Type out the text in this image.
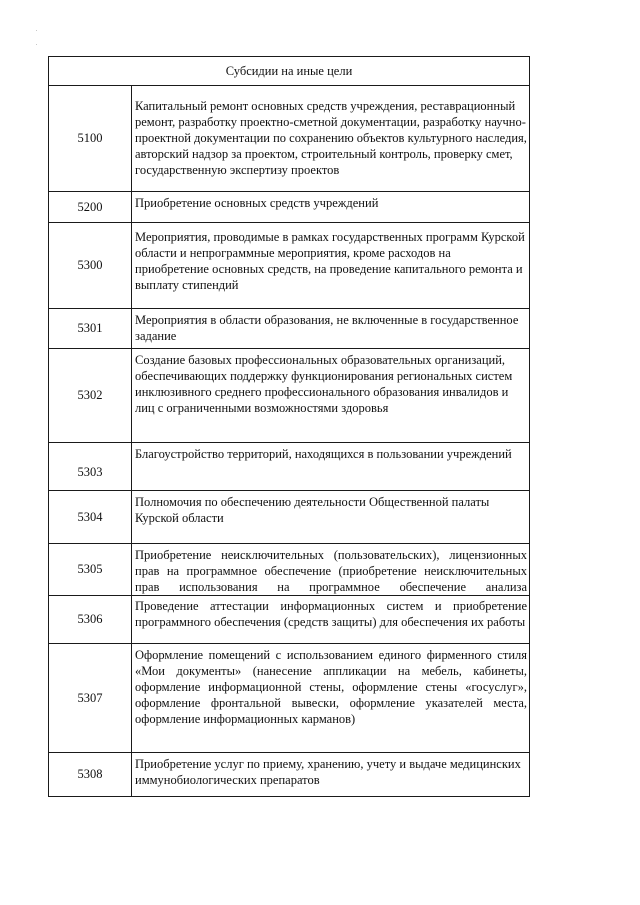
Субсидии на иные цели
5100
Капитальный ремонт основных средств учреждения, реставрационный ремонт, разработку проектно-сметной документации, разработку научно-проектной документации по сохранению объектов культурного наследия, авторский надзор за проектом, строительный контроль, проверку смет, государственную экспертизу проектов
5200	Приобретение основных средств учреждений
5300
Мероприятия, проводимые в рамках государственных программ Курской области и непрограммные мероприятия, кроме расходов на приобретение основных средств, на проведение капитального ремонта и выплату стипендий
5301
Мероприятия в области образования, не включенные в государственное задание
5302
Создание базовых профессиональных образовательных организаций, обеспечивающих поддержку функционирования региональных систем инклюзивного среднего профессионального образования инвалидов и лиц с ограниченными возможностями здоровья
5303
Благоустройство территорий, находящихся в пользовании учреждений
5304
Полномочия по обеспечению деятельности Общественной палаты Курской области
5305
Приобретение неисключительных (пользовательских), лицензионных прав на программное обеспечение (приобретение неисключительных прав использования на программное обеспечение анализа
5306
Проведение аттестации информационных систем и приобретение программного обеспечения (средств защиты) для обеспечения их работы
5307
Оформление помещений с использованием единого фирменного стиля «Мои документы» (нанесение аппликации на мебель, кабинеты, оформление информационной стены, оформление стены «госуслуг», оформление фронтальной вывески, оформление указателей места, оформление информационных карманов)
5308
Приобретение услуг по приему, хранению, учету и выдаче медицинских иммунобиологических препаратов
